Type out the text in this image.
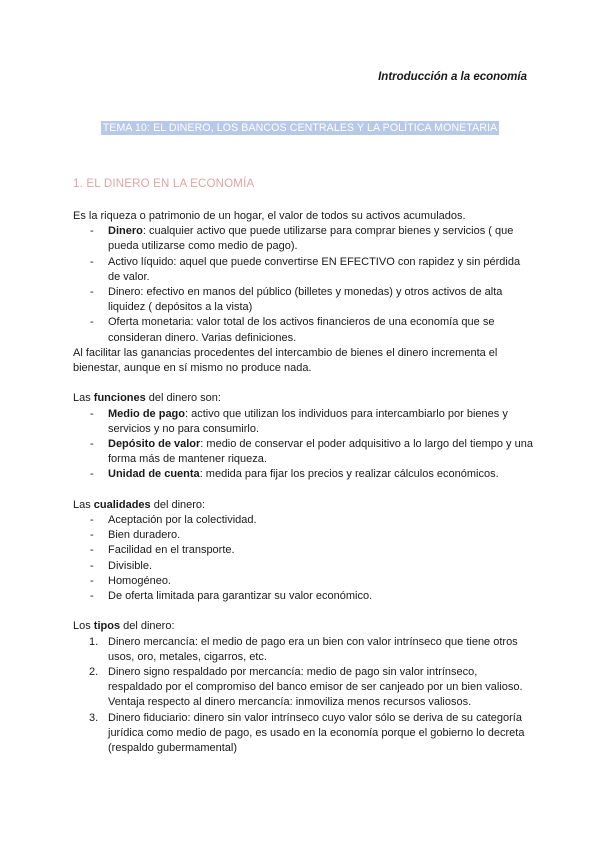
Introducción a la economía
TEMA 10: EL DINERO, LOS BANCOS CENTRALES Y LA POLÍTICA MONETARIA
1. EL DINERO EN LA ECONOMÍA

Es la riqueza o patrimonio de un hogar, el valor de todos su activos acumulados.

- Dinero: cualquier activo que puede utilizarse para comprar bienes y servicios ( que pueda utilizarse como medio de pago).
- Activo líquido: aquel que puede convertirse EN EFECTIVO con rapidez y sin pérdida de valor.
- Dinero: efectivo en manos del público (billetes y monedas) y otros activos de alta liquidez ( depósitos a la vista)
- Oferta monetaria: valor total de los activos financieros de una economía que se consideran dinero. Varias definiciones.

Al facilitar las ganancias procedentes del intercambio de bienes el dinero incrementa el bienestar, aunque en sí mismo no produce nada.

Las funciones del dinero son:

- Medio de pago: activo que utilizan los individuos para intercambiarlo por bienes y servicios y no para consumirlo.
- Depósito de valor: medio de conservar el poder adquisitivo a lo largo del tiempo y una forma más de mantener riqueza.
- Unidad de cuenta: medida para fijar los precios y realizar cálculos económicos.

Las cualidades del dinero:

- Aceptación por la colectividad.
- Bien duradero.
- Facilidad en el transporte.
- Divisible.
- Homogéneo.
- De oferta limitada para garantizar su valor económico.

Los tipos del dinero:

1. Dinero mercancía: el medio de pago era un bien con valor intrínseco que tiene otros usos, oro, metales, cigarros, etc.
2. Dinero signo respaldado por mercancía: medio de pago sin valor intrínseco, respaldado por el compromiso del banco emisor de ser canjeado por un bien valioso. Ventaja respecto al dinero mercancía: inmoviliza menos recursos valiosos.
3. Dinero fiduciario: dinero sin valor intrínseco cuyo valor sólo se deriva de su categoría jurídica como medio de pago, es usado en la economía porque el gobierno lo decreta (respaldo gubermamental)
